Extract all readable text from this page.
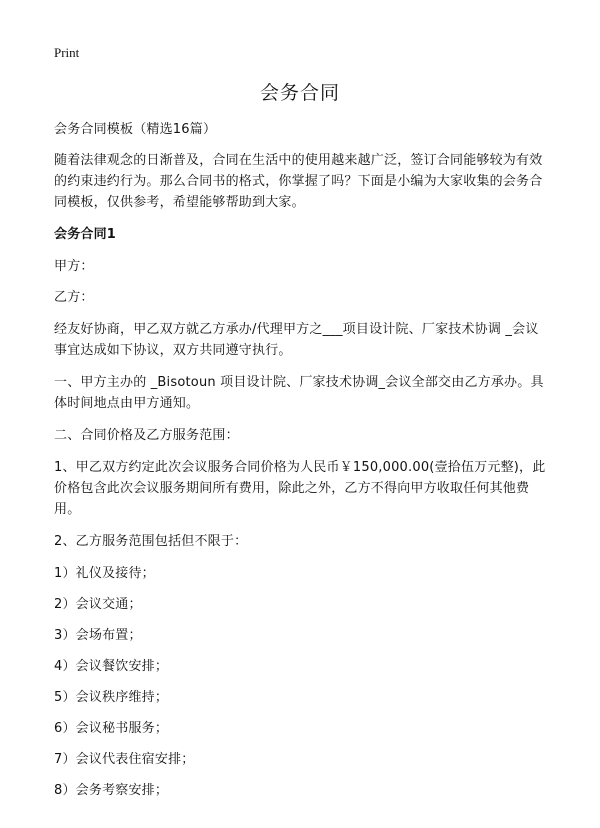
Print
会务合同

会务合同模板（精选16篇）

随着法律观念的日渐普及，合同在生活中的使用越来越广泛，签订合同能够较为有效的约束违约行为。那么合同书的格式，你掌握了吗？下面是小编为大家收集的会务合同模板，仅供参考，希望能够帮助到大家。

会务合同1

甲方：

乙方：

经友好协商，甲乙双方就乙方承办/代理甲方之___项目设计院、厂家技术协调 _会议事宜达成如下协议，双方共同遵守执行。

一、甲方主办的 _Bisotoun 项目设计院、厂家技术协调_会议全部交由乙方承办。具体时间地点由甲方通知。

二、合同价格及乙方服务范围：

1、甲乙双方约定此次会议服务合同价格为人民币￥150,000.00(壹拾伍万元整)，此价格包含此次会议服务期间所有费用，除此之外，乙方不得向甲方收取任何其他费用。

2、乙方服务范围包括但不限于：

1）礼仪及接待；

2）会议交通；

3）会场布置；

4）会议餐饮安排；

5）会议秩序维持；

6）会议秘书服务；

7）会议代表住宿安排；

8）会务考察安排；
